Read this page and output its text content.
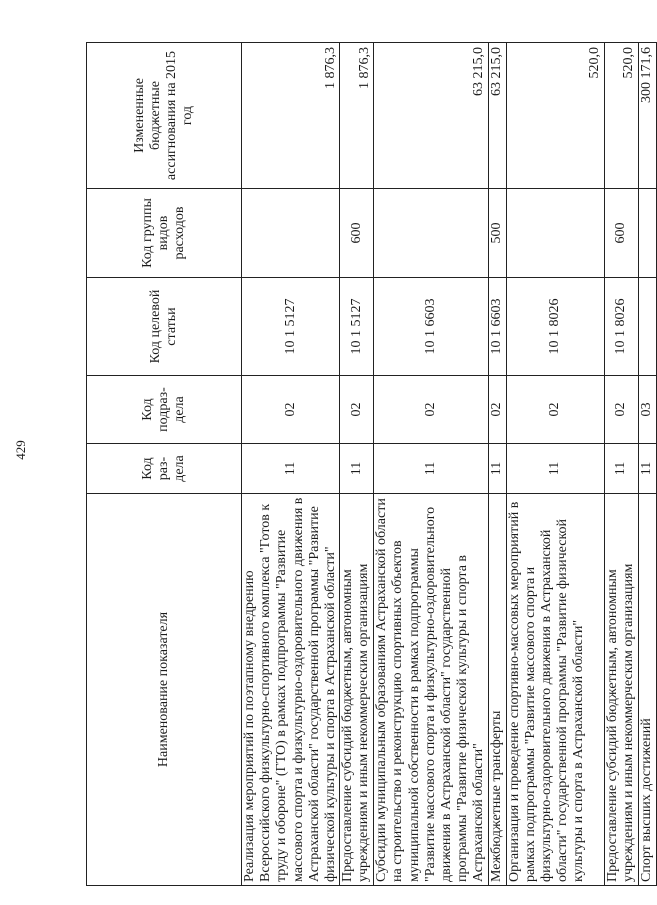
429
Наименование показателя	Код раз-дела	Код подраз-дела	Код целевой статьи	Код группы видов расходов	Измененные бюджетные ассигнования на 2015 год
Реализация мероприятий по поэтапному внедрению Всероссийского физкультурно-спортивного комплекса "Готов к труду и обороне" (ГТО) в рамках подпрограммы "Развитие массового спорта и физкультурно-оздоровительного движения в Астраханской области" государственной программы "Развитие физической культуры и спорта в Астраханской области"	11	02	10 1 5127		1 876,3
Предоставление субсидий бюджетным, автономным учреждениям и иным некоммерческим организациям	11	02	10 1 5127	600	1 876,3
Субсидии муниципальным образованиям Астраханской области на строительство и реконструкцию спортивных объектов муниципальной собственности в рамках подпрограммы "Развитие массового спорта и физкультурно-оздоровительного движения в Астраханской области" государственной программы "Развитие физической культуры и спорта в Астраханской области"	11	02	10 1 6603		63 215,0
Межбюджетные трансферты	11	02	10 1 6603	500	63 215,0
Организация и проведение спортивно-массовых мероприятий в рамках подпрограммы "Развитие массового спорта и физкультурно-оздоровительного движения в Астраханской области" государственной программы "Развитие физической культуры и спорта в Астраханской области"	11	02	10 1 8026		520,0
Предоставление субсидий бюджетным, автономным учреждениям и иным некоммерческим организациям	11	02	10 1 8026	600	520,0
Спорт высших достижений	11	03			300 171,6
